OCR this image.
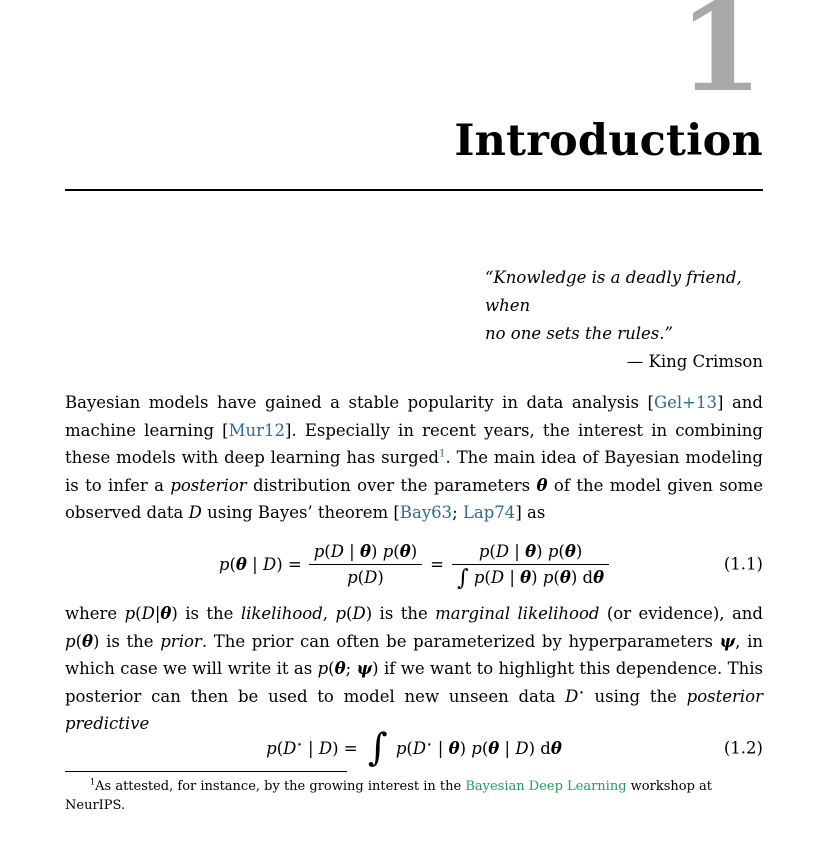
1
Introduction
“Knowledge is a deadly friend, when
no one sets the rules.”
— King Crimson

Bayesian models have gained a stable popularity in data analysis [Gel+13] and machine learning [Mur12]. Especially in recent years, the interest in combining these models with deep learning has surged$^1$. The main idea of Bayesian modeling is to infer a posterior distribution over the parameters θ of the model given some observed data D using Bayes’ theorem [Bay63; Lap74] as

p(θ | $D) = \frac{p(D | \theta) p(\theta)}{p(D)} = \frac{p(D | \theta) p(\theta)}{\int p(D | \theta) p(\theta) d\theta}$	(1.1)

where p(D|θ) is the likelihood, p(D) is the marginal likelihood (or evidence), and p(θ) is the prior. The prior can often be parameterized by hyperparameters ψ, in which case we will write it as p(θ; ψ) if we want to highlight this dependence. This posterior can then be used to model new unseen data D⋆ using the posterior predictive

p(D⋆ | D) = ∫ p(D⋆ | θ) p(θ | D) dθ	(1.2)
$^1$As attested, for instance, by the growing interest in the Bayesian Deep Learning workshop at NeurIPS.
